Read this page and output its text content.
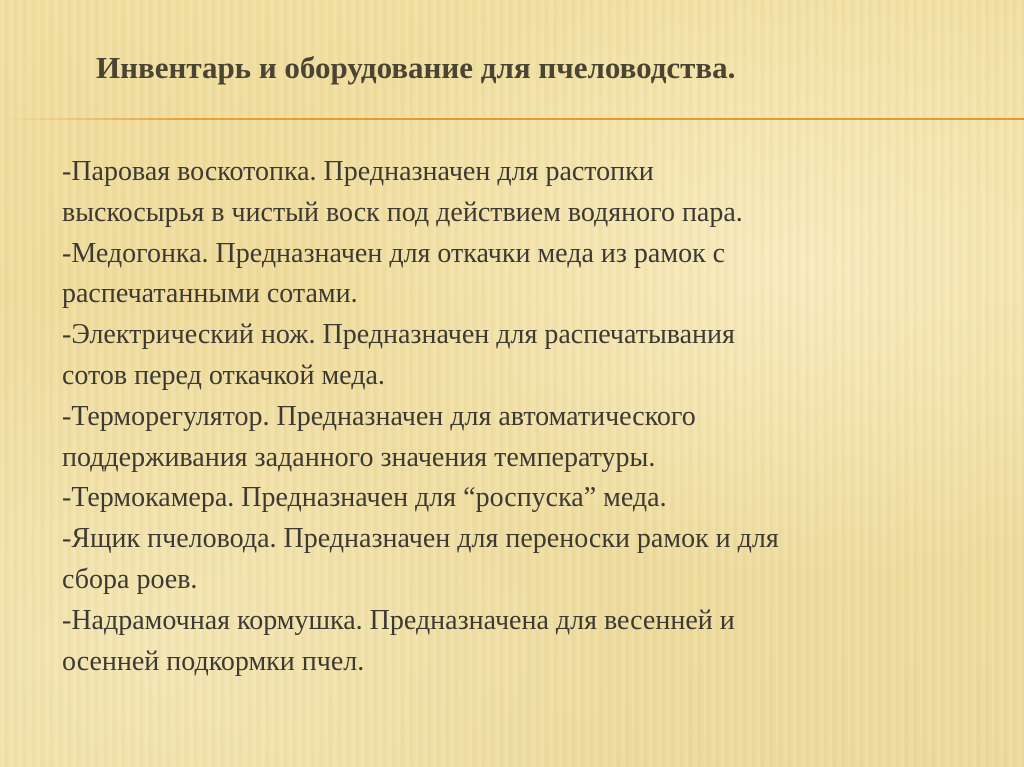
Инвентарь и оборудование для пчеловодства.
-Паровая воскотопка. Предназначен для растопки
выскосырья в чистый воск под действием водяного пара.
-Медогонка. Предназначен для откачки меда из рамок с
распечатанными сотами.
-Электрический нож. Предназначен для распечатывания
сотов перед откачкой меда.
-Терморегулятор. Предназначен для автоматического
поддерживания заданного значения температуры.
-Термокамера. Предназначен для “роспуска” меда.
-Ящик пчеловода. Предназначен для переноски рамок и для
сбора роев.
-Надрамочная кормушка. Предназначена для весенней и
осенней подкормки пчел.
